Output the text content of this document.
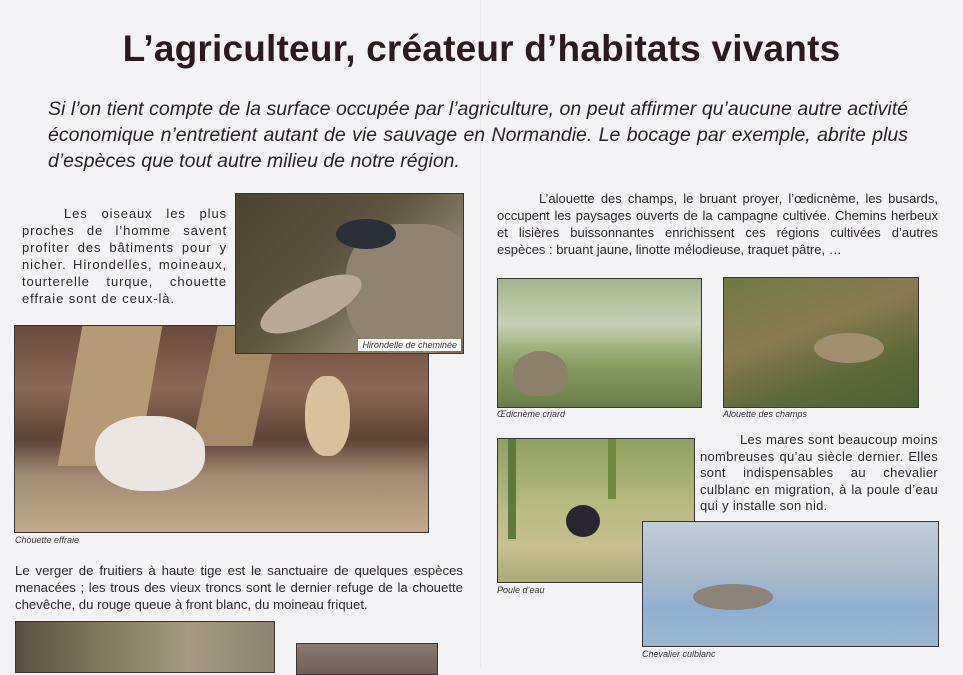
L’agriculteur, créateur d’habitats vivants
Si l’on tient compte de la surface occupée par l’agriculture, on peut affirmer qu’aucune autre activité économique n’entretient autant de vie sauvage en Normandie. Le bocage par exemple, abrite plus d’espèces que tout autre milieu de notre région.
Les oiseaux les plus proches de l’homme savent profiter des bâtiments pour y nicher. Hirondelles, moineaux, tourterelle turque, chouette effraie sont de ceux-là.
Chouette effraie
Hirondelle de cheminée
Le verger de fruitiers à haute tige est le sanctuaire de quelques espèces menacées ; les trous des vieux troncs sont le dernier refuge de la chouette chevêche, du rouge queue à front blanc, du moineau friquet.
L’alouette des champs, le bruant proyer, l’œdicnème, les busards, occupent les paysages ouverts de la campagne cultivée. Chemins herbeux et lisières buissonnantes enrichissent ces régions cultivées d’autres espèces : bruant jaune, linotte mélodieuse, traquet pâtre, …
Œdicnème criard	Alouette des champs
Poule d’eau
Chevalier culblanc
Les mares sont beaucoup moins nombreuses qu’au siècle dernier. Elles sont indispensables au chevalier culblanc en migration, à la poule d’eau qui y installe son nid.
